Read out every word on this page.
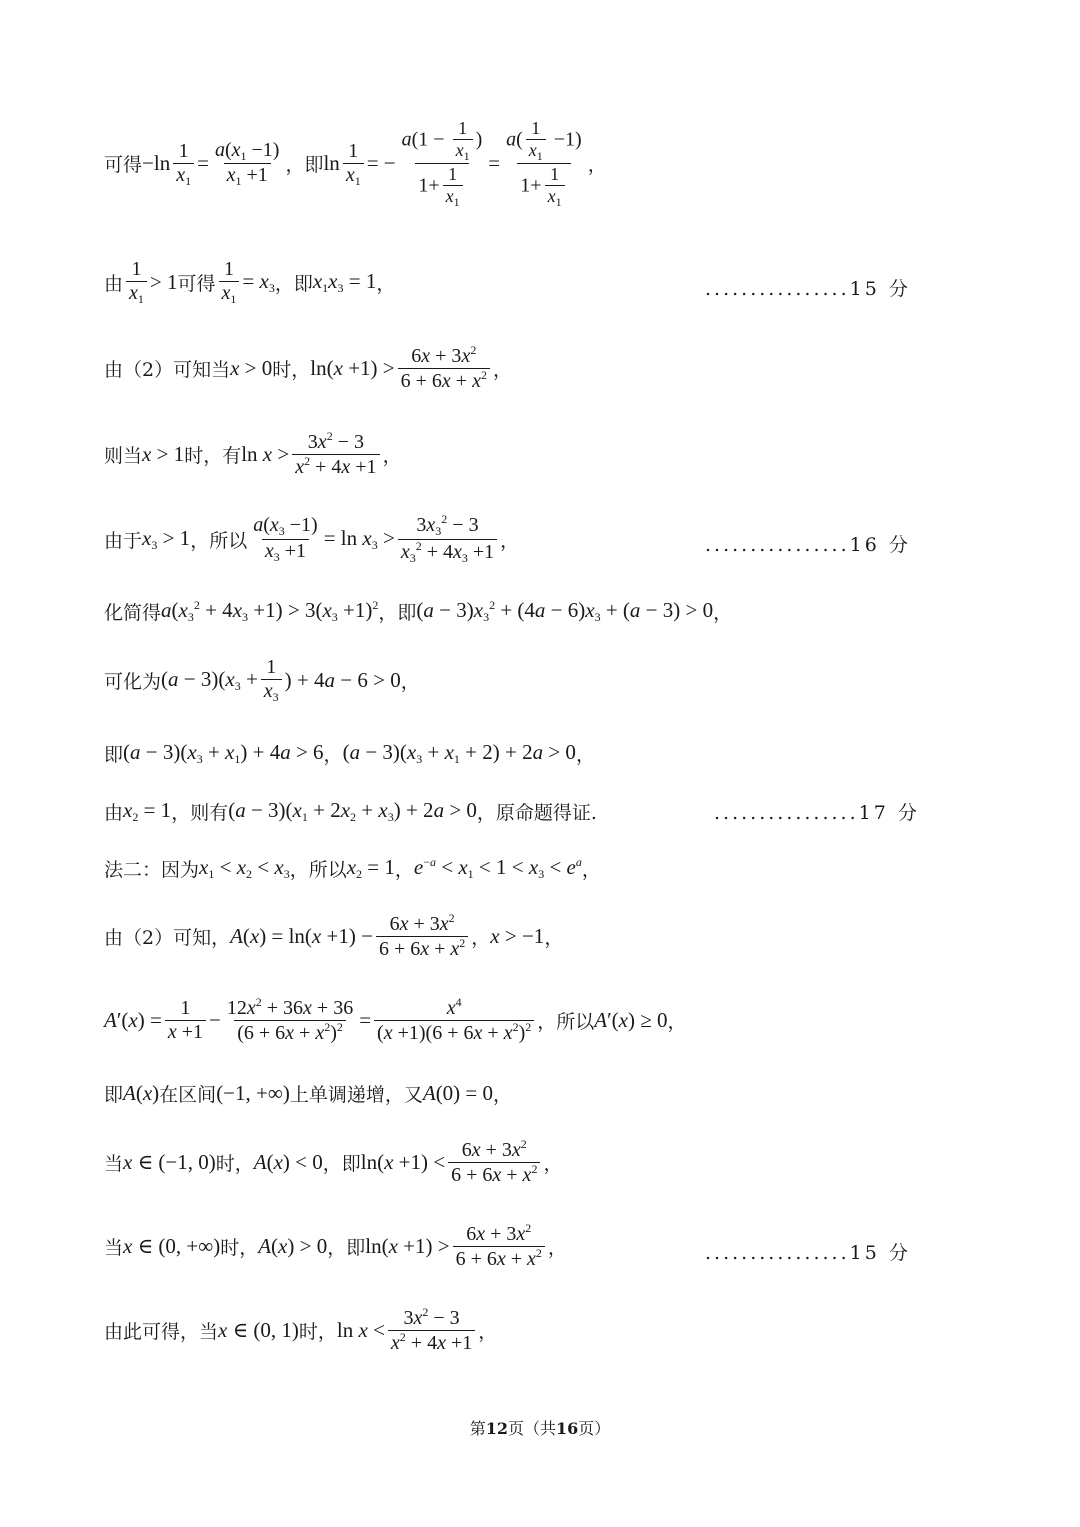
可得 $-\ln \frac{1}{x_1} = \frac{a(x_1 -1)}{x_1 +1}$ ，即 $\ln \frac{1}{x_1}$ = − $\frac{a(1 - \frac{1}{x_1} )}{1+ \frac{1}{x_1}} = \frac{a( \frac{1}{x_1} -1)}{1+ \frac{1}{x_1}}$ ，
由 $\frac{1}{x_1} > 1$ 可得 $\frac{1}{x_1} = x_3$ ，即 $x_1x_3 = 1$ ，	................15 分
由（2）可知当 x > 0 时， $\ln(x +1) > \frac{6x + 3x^2}{6 + 6x + x^2}$ ，
则当 x > 1 时，有 $\ln x > \frac{3x^2 - 3}{x^2 + 4x +1}$ ，
由于 $x_3 > 1$ ，所以 $\frac{a(x_3 -1)}{x_3 +1} = \ln x_3 > \frac{3x_3^2 - 3}{x_3^2 + 4x_3 +1}$ ，	................16 分
化简得 $a(x_3^2 + 4x_3 +1) > 3(x_3 +1)^2$ ，即 $(a - 3)x_3^2 + (4a - 6)x_3 + (a - 3) > 0$ ，
可化为 $(a - 3)(x_3 + \frac{1}{x_3}$ ) + 4a − 6 > 0 ，
即 $(a - 3)(x_3 + x_1) + 4a > 6$ ， $(a - 3)(x_3 + x_1 + 2) + 2a > 0$ ，
由 $x_2 = 1$ ，则有 $(a - 3)(x_1 + 2x_2 + x_3) + 2a > 0$ ，原命题得证.	................17 分
法二：因为 $x_1 < x_2 < x_3$ ，所以 $x_2 = 1$ ， $e^{-a} < x_1 < 1 < x_3 < e^a$ ，
由（2）可知， $A(x) = \ln(x +1) - \frac{6x + 3x^2}{6 + 6x + x^2}$ ， x > −1 ，
$A'(x) = \frac{1}{x +1} - \frac{12x^2 + 36x + 36}{(6 + 6x + x^2)^2} = \frac{x^4}{(x +1)(6 + 6x + x^2)^2}$ ，所以 A′(x) ≥ 0 ，
即 A(x) 在区间 (−1, +∞) 上单调递增，又 A(0) = 0 ，
当 x ∈ (−1, 0) 时， A(x) < 0 ，即 $\ln(x +1) < \frac{6x + 3x^2}{6 + 6x + x^2}$ ，
当 x ∈ (0, +∞) 时， A(x) > 0 ，即 $\ln(x +1) > \frac{6x + 3x^2}{6 + 6x + x^2}$ ，	................15 分
由此可得，当 x ∈ (0, 1) 时， $\ln x < \frac{3x^2 - 3}{x^2 + 4x +1}$ ，
第12页（共16页）
